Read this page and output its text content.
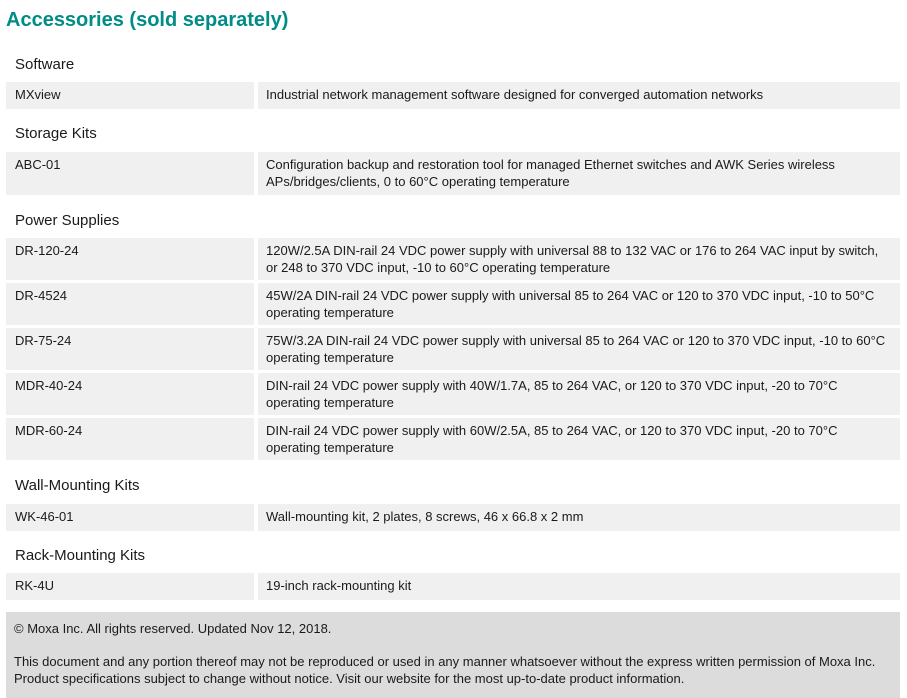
Accessories (sold separately)
Software
MXview	Industrial network management software designed for converged automation networks
Storage Kits
ABC-01	Configuration backup and restoration tool for managed Ethernet switches and AWK Series wireless APs/bridges/clients, 0 to 60°C operating temperature
Power Supplies
DR-120-24	120W/2.5A DIN-rail 24 VDC power supply with universal 88 to 132 VAC or 176 to 264 VAC input by switch, or 248 to 370 VDC input, -10 to 60°C operating temperature
DR-4524	45W/2A DIN-rail 24 VDC power supply with universal 85 to 264 VAC or 120 to 370 VDC input, -10 to 50°C operating temperature
DR-75-24	75W/3.2A DIN-rail 24 VDC power supply with universal 85 to 264 VAC or 120 to 370 VDC input, -10 to 60°C operating temperature
MDR-40-24	DIN-rail 24 VDC power supply with 40W/1.7A, 85 to 264 VAC, or 120 to 370 VDC input, -20 to 70°C operating temperature
MDR-60-24	DIN-rail 24 VDC power supply with 60W/2.5A, 85 to 264 VAC, or 120 to 370 VDC input, -20 to 70°C operating temperature
Wall-Mounting Kits
WK-46-01	Wall-mounting kit, 2 plates, 8 screws, 46 x 66.8 x 2 mm
Rack-Mounting Kits
RK-4U	19-inch rack-mounting kit

© Moxa Inc. All rights reserved. Updated Nov 12, 2018.

This document and any portion thereof may not be reproduced or used in any manner whatsoever without the express written permission of Moxa Inc. Product specifications subject to change without notice. Visit our website for the most up-to-date product information.
